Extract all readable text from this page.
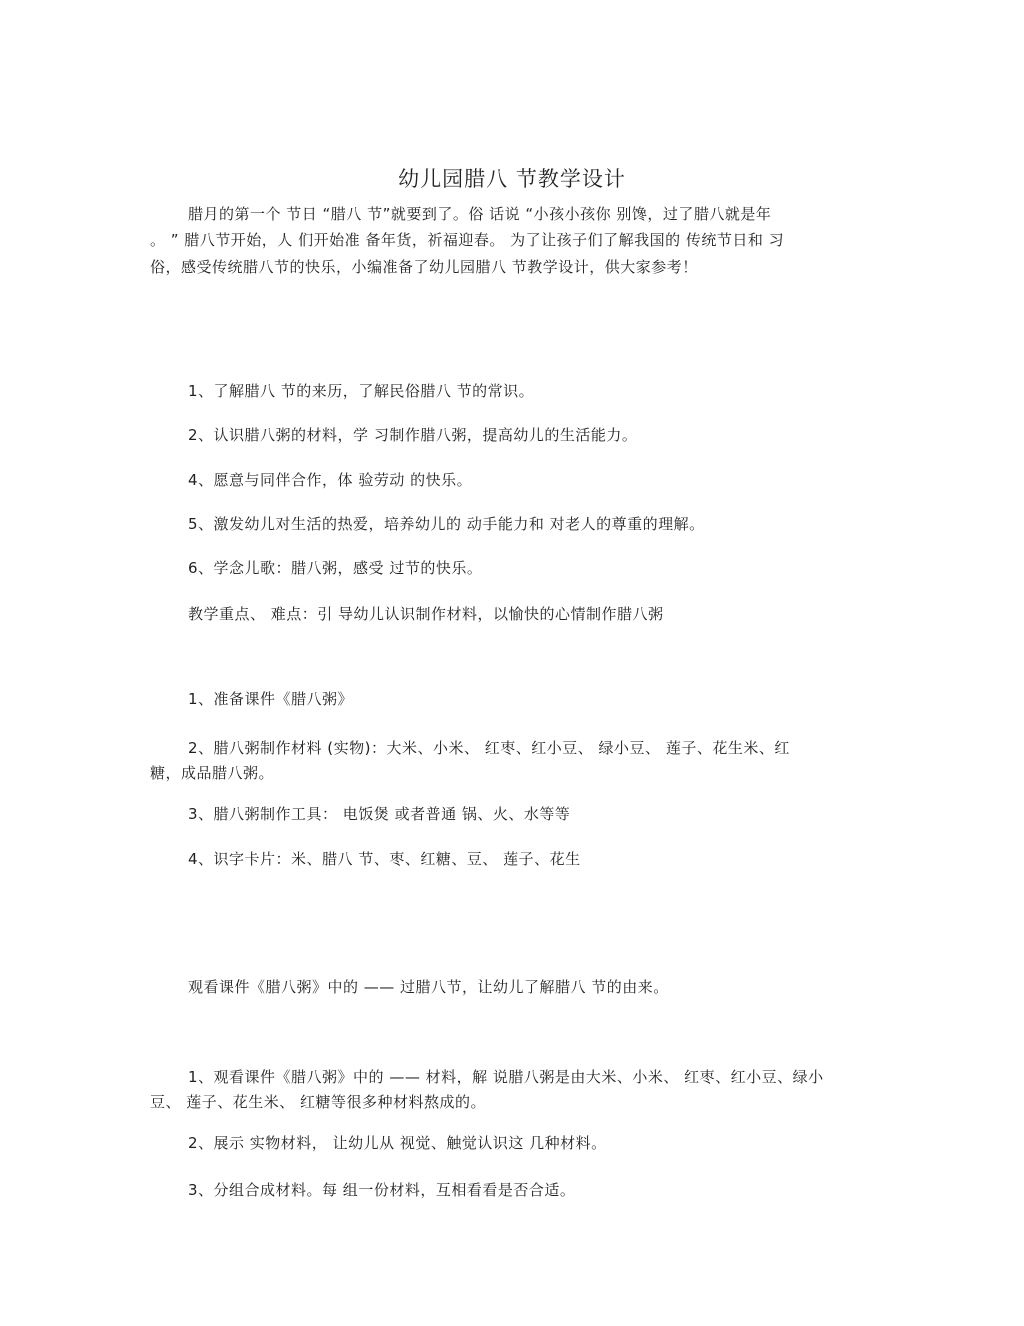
幼儿园腊八 节教学设计
腊月的第一个 节日 “腊八 节”就要到了。俗 话说 “小孩小孩你 别馋，过了腊八就是年
。 ” 腊八节开始，人 们开始准 备年货，祈福迎春。 为了让孩子们了解我国的 传统节日和 习
俗，感受传统腊八节的快乐，小编准备了幼儿园腊八 节教学设计，供大家参考！
1、了解腊八 节的来历，了解民俗腊八 节的常识。
2、认识腊八粥的材料，学 习制作腊八粥，提高幼儿的生活能力。
4、愿意与同伴合作，体 验劳动 的快乐。
5、激发幼儿对生活的热爱，培养幼儿的 动手能力和 对老人的尊重的理解。
6、学念儿歌：腊八粥，感受 过节的快乐。
教学重点、 难点：引 导幼儿认识制作材料，以愉快的心情制作腊八粥
1、准备课件《腊八粥》
2、腊八粥制作材料 (实物)：大米、小米、 红枣、红小豆、 绿小豆、 莲子、花生米、红
糖，成品腊八粥。
3、腊八粥制作工具： 电饭煲 或者普通 锅、火、水等等
4、识字卡片：米、腊八 节、枣、红糖、豆、 莲子、花生
观看课件《腊八粥》中的 —— 过腊八节，让幼儿了解腊八 节的由来。
1、观看课件《腊八粥》中的 —— 材料，解 说腊八粥是由大米、小米、 红枣、红小豆、绿小
豆、 莲子、花生米、 红糖等很多种材料熬成的。
2、展示 实物材料， 让幼儿从 视觉、触觉认识这 几种材料。
3、分组合成材料。每 组一份材料，互相看看是否合适。
